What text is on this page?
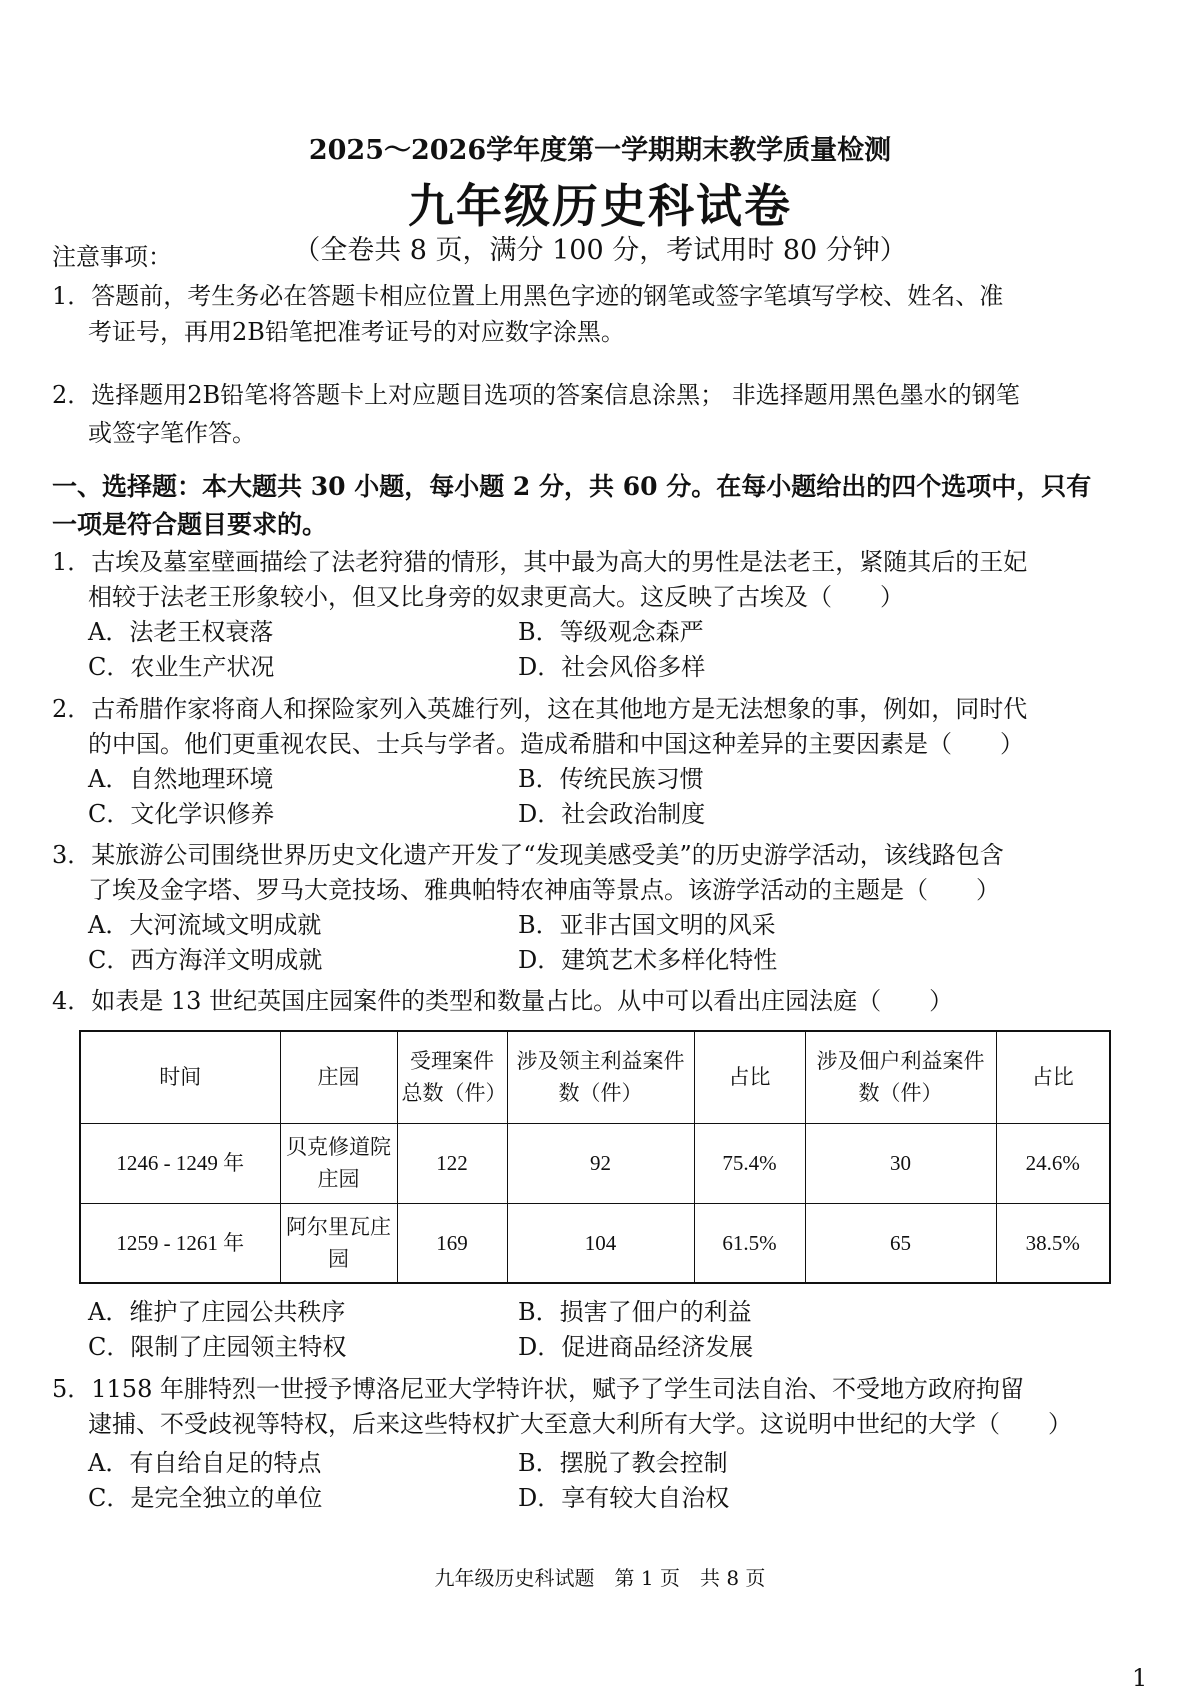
2025～2026学年度第一学期期末教学质量检测
九年级历史科试卷
（全卷共 8 页，满分 100 分，考试用时 80 分钟）
注意事项：
1．答题前，考生务必在答题卡相应位置上用黑色字迹的钢笔或签字笔填写学校、姓名、准
考证号，再用2B铅笔把准考证号的对应数字涂黑。
2．选择题用2B铅笔将答题卡上对应题目选项的答案信息涂黑； 非选择题用黑色墨水的钢笔
或签字笔作答。
一、选择题：本大题共 30 小题，每小题 2 分，共 60 分。在每小题给出的四个选项中，只有
一项是符合题目要求的。
1．古埃及墓室壁画描绘了法老狩猎的情形，其中最为高大的男性是法老王，紧随其后的王妃
相较于法老王形象较小，但又比身旁的奴隶更高大。这反映了古埃及（　　）
A．法老王权衰落	B．等级观念森严
C．农业生产状况	D．社会风俗多样
2．古希腊作家将商人和探险家列入英雄行列，这在其他地方是无法想象的事，例如，同时代
的中国。他们更重视农民、士兵与学者。造成希腊和中国这种差异的主要因素是（　　）
A．自然地理环境	B．传统民族习惯
C．文化学识修养	D．社会政治制度
3．某旅游公司围绕世界历史文化遗产开发了“发现美感受美”的历史游学活动，该线路包含
了埃及金字塔、罗马大竞技场、雅典帕特农神庙等景点。该游学活动的主题是（　　）
A．大河流域文明成就	B．亚非古国文明的风采
C．西方海洋文明成就	D．建筑艺术多样化特性
4．如表是 13 世纪英国庄园案件的类型和数量占比。从中可以看出庄园法庭（　　）
时间	庄园	受理案件总数（件）	涉及领主利益案件数（件）	占比	涉及佃户利益案件数（件）	占比
1246 - 1249 年	贝克修道院庄园	122	92	75.4%	30	24.6%
1259 - 1261 年	阿尔里瓦庄园	169	104	61.5%	65	38.5%
A．维护了庄园公共秩序	B．损害了佃户的利益
C．限制了庄园领主特权	D．促进商品经济发展
5．1158 年腓特烈一世授予博洛尼亚大学特许状，赋予了学生司法自治、不受地方政府拘留
逮捕、不受歧视等特权，后来这些特权扩大至意大利所有大学。这说明中世纪的大学（　　）
A．有自给自足的特点	B．摆脱了教会控制
C．是完全独立的单位	D．享有较大自治权
九年级历史科试题　第 1 页　共 8 页
1
